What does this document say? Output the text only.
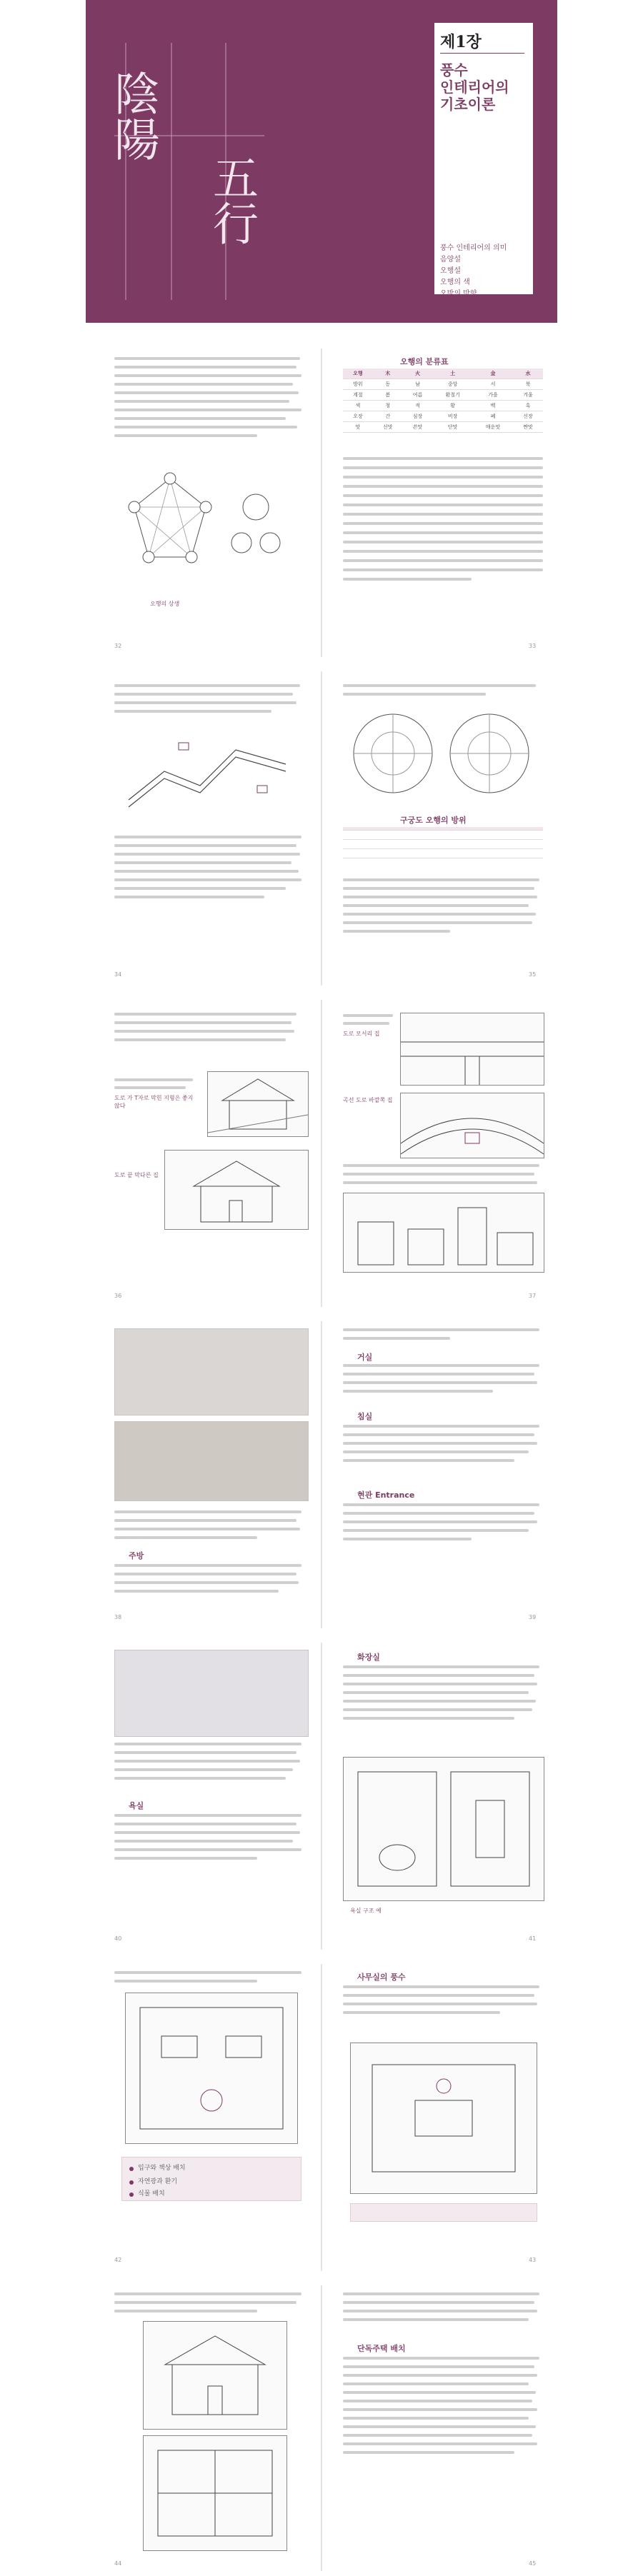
陰陽
五行
제1장
풍수
인테리어의
기초이론
풍수 인테리어의 의미
음양설
오행설
오행의 색
오방의 방향
오행의 상생
32
오행의 분류표
오행	木	火	土	金	水
방위	동	남	중앙	서	북
계절	봄	여름	환절기	가을	겨울
색	청	적	황	백	흑
오장	간	심장	비장	폐	신장
맛	신맛	쓴맛	단맛	매운맛	짠맛
33
34
구궁도 오행의 방위

35
도로 가 T자로 막힌 지형은 좋지 않다
도로 끝 막다른 집
36
도로 모서리 집
곡선 도로 바깥쪽 집
37
주방
38
거실
침실
현관 Entrance
39
욕실
40
화장실
욕실 구조 예
41
입구와 책상 배치
자연광과 환기
식물 배치
42
사무실의 풍수
43
44
단독주택 배치
45
